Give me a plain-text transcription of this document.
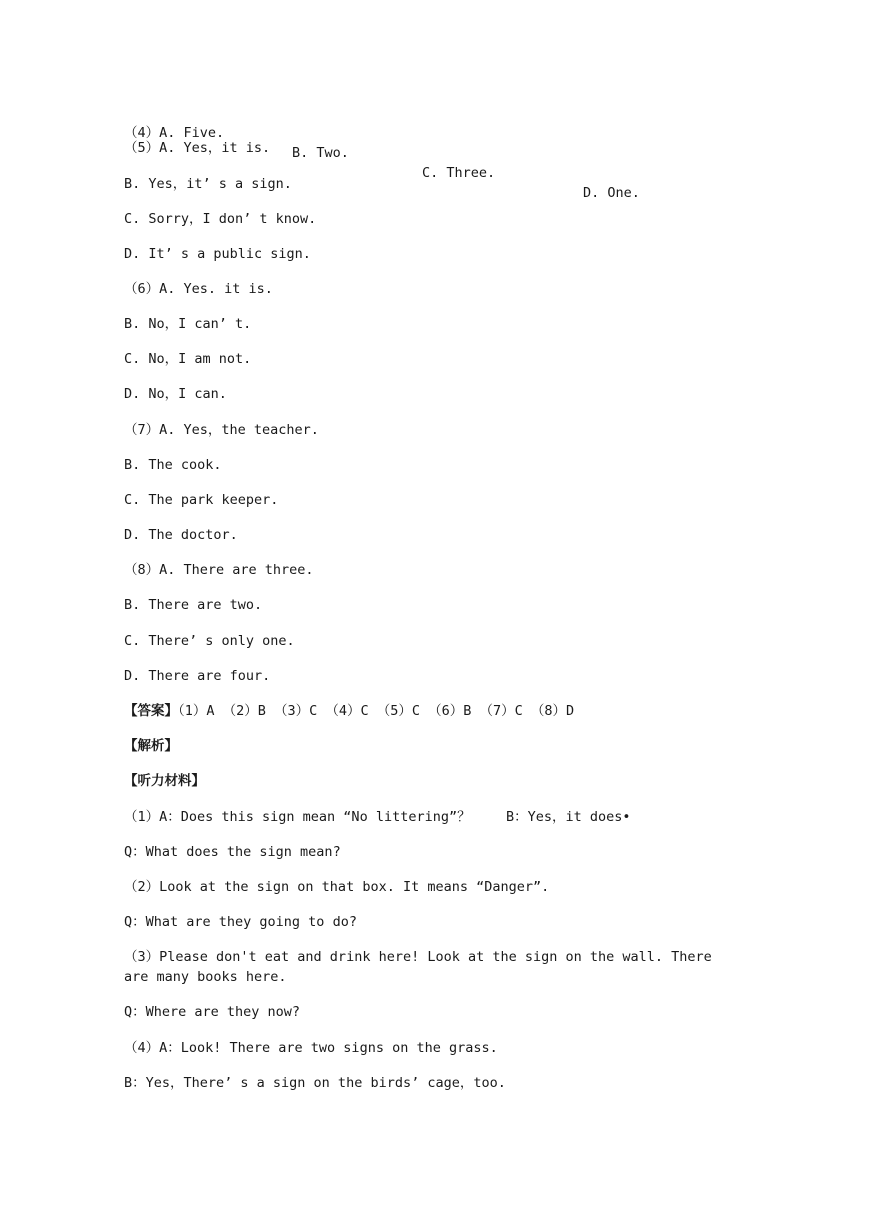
（4）A. Five.

B. Two.

C. Three.

D. One.

（5）A. Yes，it is.
B. Yes，it’ s a sign.
C. Sorry，I don’ t know.
D. It’ s a public sign.
（6）A. Yes. it is.
B. No，I can’ t.
C. No，I am not.
D. No，I can.
（7）A. Yes，the teacher.
B. The cook.
C. The park keeper.
D. The doctor.
（8）A. There are three.
B. There are two.
C. There’ s only one.
D. There are four.
【答案】（1）A （2）B （3）C （4）C （5）C （6）B （7）C （8）D
【解析】
【听力材料】
（1）A：Does this sign mean “No littering”？	B：Yes，it does•
Q：What does the sign mean?
（2）Look at the sign on that box. It means “Danger”.
Q：What are they going to do?
（3）Please don't eat and drink here! Look at the sign on the wall. There are many books here.
Q：Where are they now?
（4）A：Look! There are two signs on the grass.
B：Yes，There’ s a sign on the birds’ cage，too.
